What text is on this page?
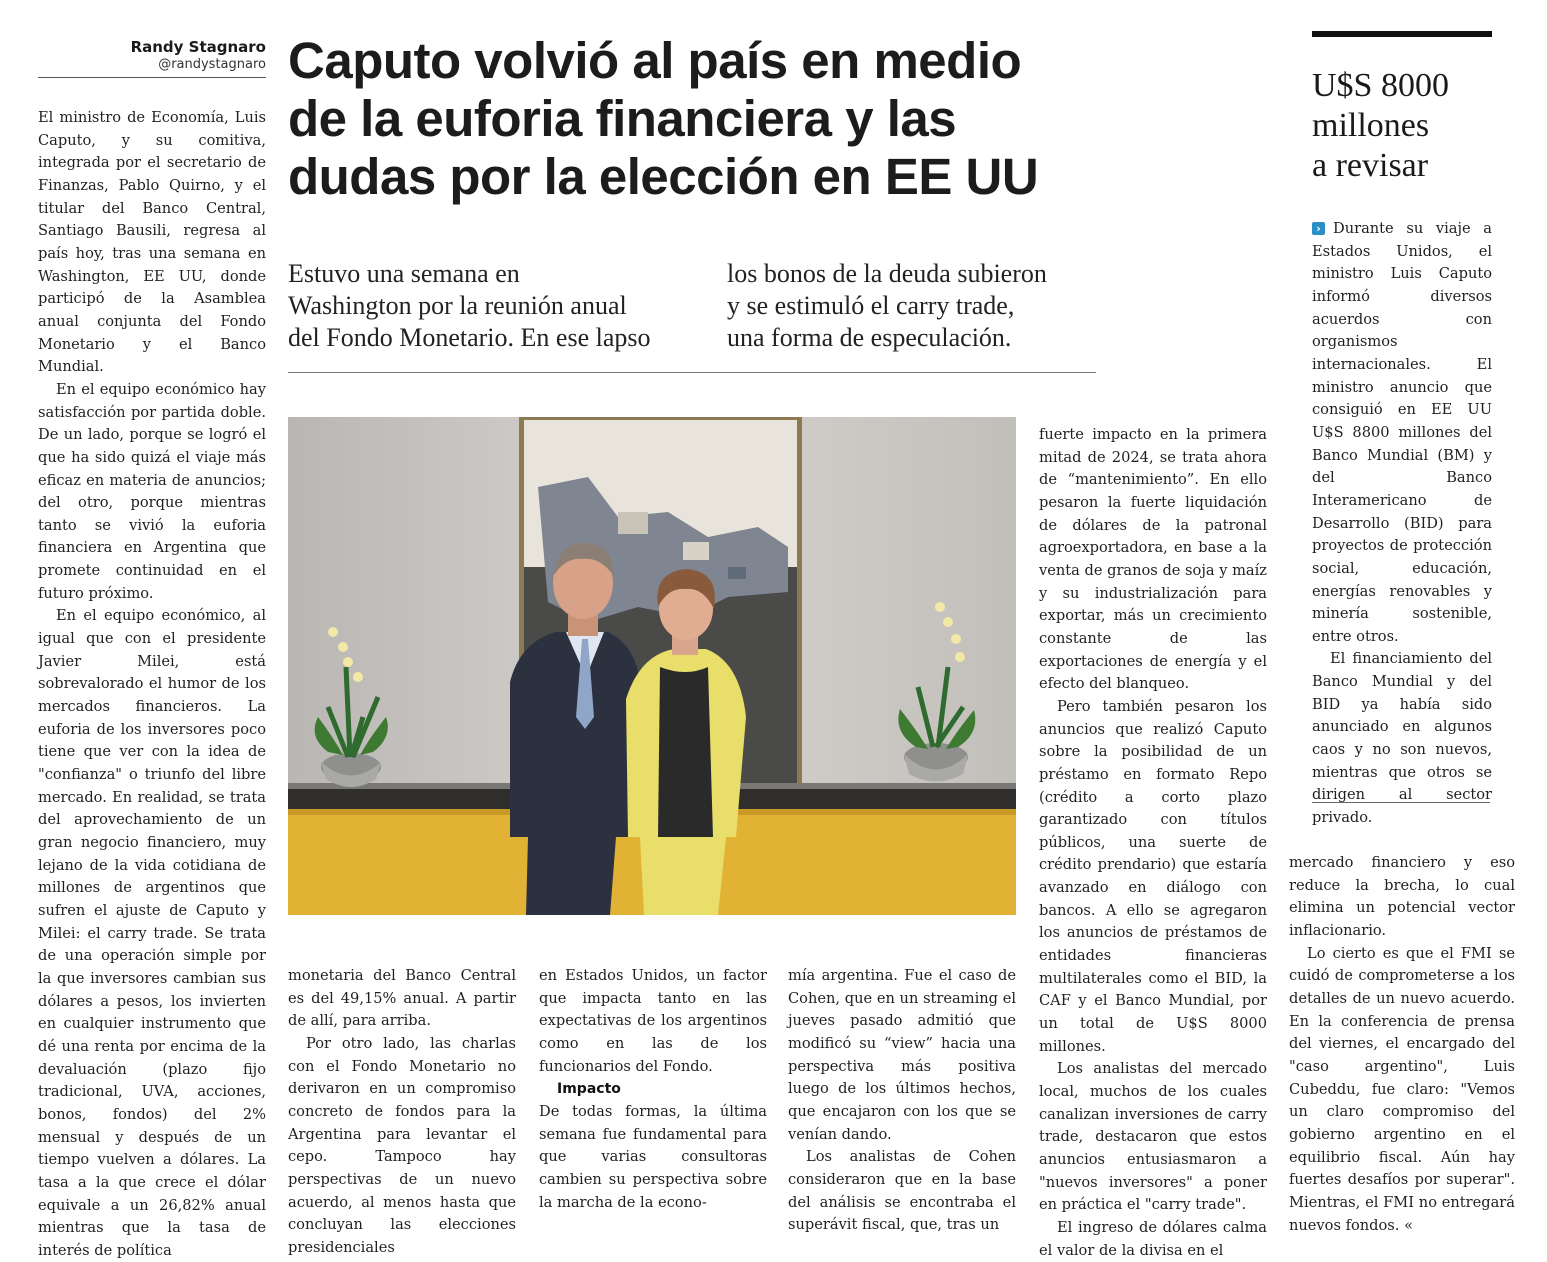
Randy Stagnaro
@randystagnaro Caputo volvió al país en medio
de la euforia financiera y las
dudas por la elección en EE UU
Estuvo una semana en
Washington por la reunión anual
del Fondo Monetario. En ese lapso
los bonos de la deuda subieron
y se estimuló el carry trade,
una forma de especulación.

El ministro de Economía, Luis Caputo, y su comitiva, integrada por el secretario de Finanzas, Pablo Quirno, y el titular del Banco Central, Santiago Bausili, regresa al país hoy, tras una semana en Washington, EE UU, donde participó de la Asamblea anual conjunta del Fondo Monetario y el Banco Mundial.

En el equipo económico hay satisfacción por partida doble. De un lado, porque se logró el que ha sido quizá el viaje más eficaz en materia de anuncios; del otro, porque mientras tanto se vivió la euforia financiera en Argentina que promete continuidad en el futuro próximo.

En el equipo económico, al igual que con el presidente Javier Milei, está sobrevalorado el humor de los mercados financieros. La euforia de los inversores poco tiene que ver con la idea de "confianza" o triunfo del libre mercado. En realidad, se trata del aprovechamiento de un gran negocio financiero, muy lejano de la vida cotidiana de millones de argentinos que sufren el ajuste de Caputo y Milei: el carry trade. Se trata de una operación simple por la que inversores cambian sus dólares a pesos, los invierten en cualquier instrumento que dé una renta por encima de la devaluación (plazo fijo tradicional, UVA, acciones, bonos, fondos) del 2% mensual y después de un tiempo vuelven a dólares. La tasa a la que crece el dólar equivale a un 26,82% anual mientras que la tasa de interés de política

monetaria del Banco Central es del 49,15% anual. A partir de allí, para arriba.

Por otro lado, las charlas con el Fondo Monetario no derivaron en un compromiso concreto de fondos para la Argentina para levantar el cepo. Tampoco hay perspectivas de un nuevo acuerdo, al menos hasta que concluyan las elecciones presidenciales

en Estados Unidos, un factor que impacta tanto en las expectativas de los argentinos como en las de los funcionarios del Fondo.

Impacto

De todas formas, la última semana fue fundamental para que varias consultoras cambien su perspectiva sobre la marcha de la econo-

mía argentina. Fue el caso de Cohen, que en un streaming el jueves pasado admitió que modificó su “view” hacia una perspectiva más positiva luego de los últimos hechos, que encajaron con los que se venían dando.

Los analistas de Cohen consideraron que en la base del análisis se encontraba el superávit fiscal, que, tras un

fuerte impacto en la primera mitad de 2024, se trata ahora de “mantenimiento”. En ello pesaron la fuerte liquidación de dólares de la patronal agroexportadora, en base a la venta de granos de soja y maíz y su industrialización para exportar, más un crecimiento constante de las exportaciones de energía y el efecto del blanqueo.

Pero también pesaron los anuncios que realizó Caputo sobre la posibilidad de un préstamo en formato Repo (crédito a corto plazo garantizado con títulos públicos, una suerte de crédito prendario) que estaría avanzado en diálogo con bancos. A ello se agregaron los anuncios de préstamos de entidades financieras multilaterales como el BID, la CAF y el Banco Mundial, por un total de U$S 8000 millones.

Los analistas del mercado local, muchos de los cuales canalizan inversiones de carry trade, destacaron que estos anuncios entusiasmaron a "nuevos inversores" a poner en práctica el "carry trade".

El ingreso de dólares calma el valor de la divisa en el

U$S 8000
millones
a revisar

› Durante su viaje a Estados Unidos, el ministro Luis Caputo informó diversos acuerdos con organismos internacionales. El ministro anuncio que consiguió en EE UU U$S 8800 millones del Banco Mundial (BM) y del Banco Interamericano de Desarrollo (BID) para proyectos de protección social, educación, energías renovables y minería sostenible, entre otros.

El financiamiento del Banco Mundial y del BID ya había sido anunciado en algunos caos y no son nuevos, mientras que otros se dirigen al sector privado.

mercado financiero y eso reduce la brecha, lo cual elimina un potencial vector inflacionario.

Lo cierto es que el FMI se cuidó de comprometerse a los detalles de un nuevo acuerdo. En la conferencia de prensa del viernes, el encargado del "caso argentino", Luis Cubeddu, fue claro: "Vemos un claro compromiso del gobierno argentino en el equilibrio fiscal. Aún hay fuertes desafíos por superar". Mientras, el FMI no entregará nuevos fondos. «
